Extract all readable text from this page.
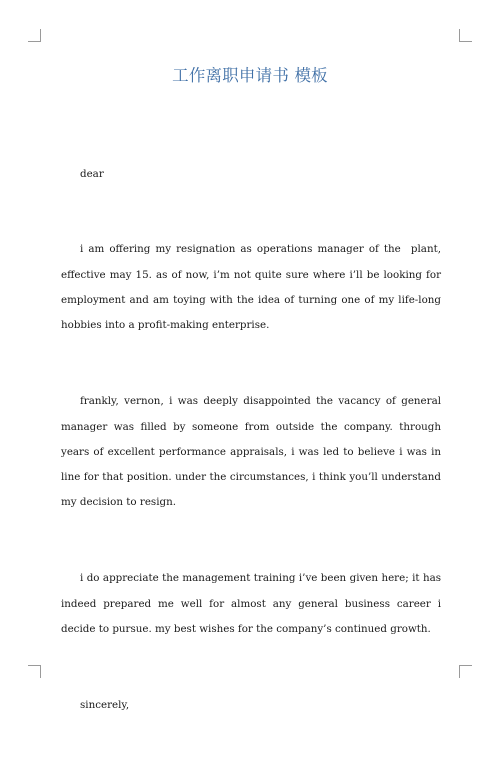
工作离职申请书 模板

dear

i am offering my resignation as operations manager of the  plant, effective may 15. as of now, i’m not quite sure where i’ll be looking for employment and am toying with the idea of turning one of my life-long hobbies into a profit-making enterprise.

frankly, vernon, i was deeply disappointed the vacancy of general manager was filled by someone from outside the company. through years of excellent performance appraisals, i was led to believe i was in line for that position. under the circumstances, i think you’ll understand my decision to resign.

i do appreciate the management training i’ve been given here; it has indeed prepared me well for almost any general business career i decide to pursue. my best wishes for the company’s continued growth.

sincerely,
